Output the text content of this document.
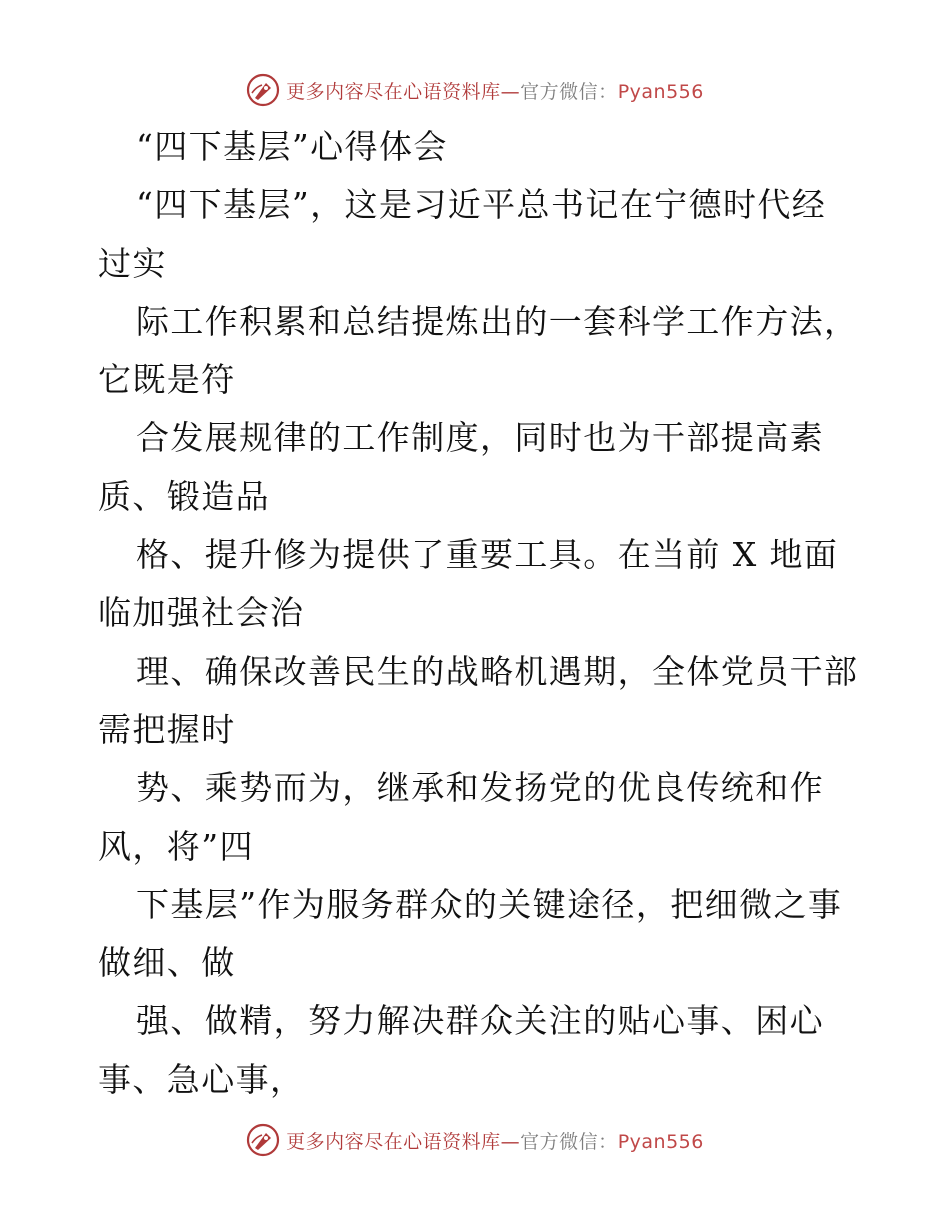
更多内容尽在心语资料库—官方微信：Pyan556
“四下基层”心得体会
“四下基层”，这是习近平总书记在宁德时代经
过实
际工作积累和总结提炼出的一套科学工作方法，
它既是符
合发展规律的工作制度，同时也为干部提高素
质、锻造品
格、提升修为提供了重要工具。在当前 X 地面
临加强社会治
理、确保改善民生的战略机遇期，全体党员干部
需把握时
势、乘势而为，继承和发扬党的优良传统和作
风，将”四
下基层”作为服务群众的关键途径，把细微之事
做细、做
强、做精，努力解决群众关注的贴心事、困心
事、急心事，
更多内容尽在心语资料库—官方微信：Pyan556
